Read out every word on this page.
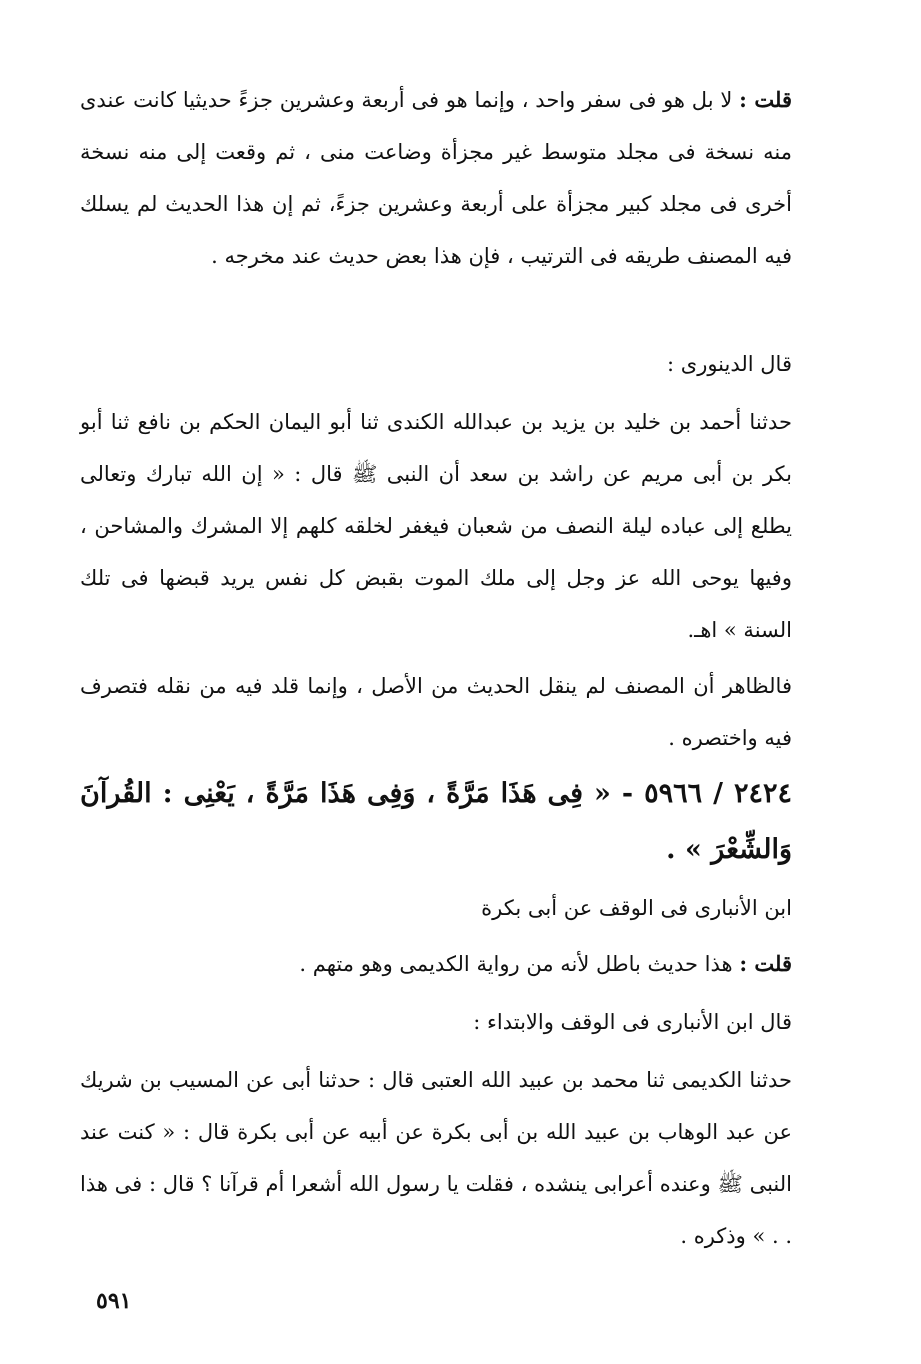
قلت : لا بل هو فى سفر واحد ، وإنما هو فى أربعة وعشرين جزءً حديثيا كانت عندى منه نسخة فى مجلد متوسط غير مجزأة وضاعت منى ، ثم وقعت إلى منه نسخة أخرى فى مجلد كبير مجزأة على أربعة وعشرين جزءً، ثم إن هذا الحديث لم يسلك فيه المصنف طريقه فى الترتيب ، فإن هذا بعض حديث عند مخرجه .

قال الدينورى :

حدثنا أحمد بن خليد بن يزيد بن عبدالله الكندى ثنا أبو اليمان الحكم بن نافع ثنا أبو بكر بن أبى مريم عن راشد بن سعد أن النبى ﷺ قال : « إن الله تبارك وتعالى يطلع إلى عباده ليلة النصف من شعبان فيغفر لخلقه كلهم إلا المشرك والمشاحن ، وفيها يوحى الله عز وجل إلى ملك الموت بقبض كل نفس يريد قبضها فى تلك السنة » اهـ.

فالظاهر أن المصنف لم ينقل الحديث من الأصل ، وإنما قلد فيه من نقله فتصرف فيه واختصره .

٢٤٢٤ / ٥٩٦٦ - « فِى هَذَا مَرَّةً ، وَفِى هَذَا مَرَّةً ، يَعْنِى : القُرآنَ وَالشِّعْرَ » .

ابن الأنبارى فى الوقف عن أبى بكرة

قلت : هذا حديث باطل لأنه من رواية الكديمى وهو متهم .

قال ابن الأنبارى فى الوقف والابتداء :

حدثنا الكديمى ثنا محمد بن عبيد الله العتبى قال : حدثنا أبى عن المسيب بن شريك عن عبد الوهاب بن عبيد الله بن أبى بكرة عن أبيه عن أبى بكرة قال : « كنت عند النبى ﷺ وعنده أعرابى ينشده ، فقلت يا رسول الله أشعرا أم قرآنا ؟ قال : فى هذا . . » وذكره .

٥٩١
